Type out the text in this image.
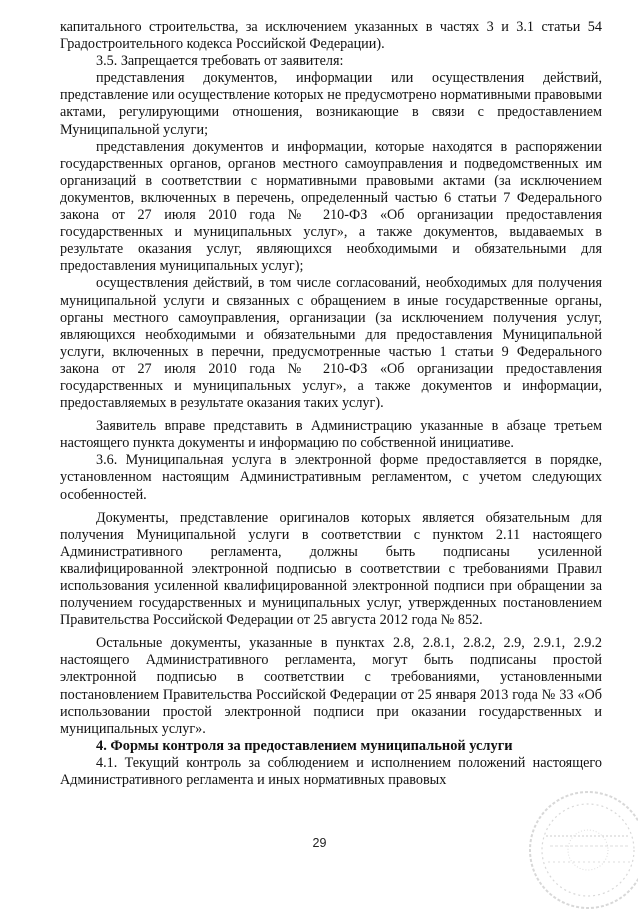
капитального строительства, за исключением указанных в частях 3 и 3.1 статьи 54 Градостроительного кодекса Российской Федерации).

3.5. Запрещается требовать от заявителя:

представления документов, информации или осуществления действий, представление или осуществление которых не предусмотрено нормативными правовыми актами, регулирующими отношения, возникающие в связи с предоставлением Муниципальной услуги;

представления документов и информации, которые находятся в распоряжении государственных органов, органов местного самоуправления и подведомственных им организаций в соответствии с нормативными правовыми актами (за исключением документов, включенных в перечень, определенный частью 6 статьи 7 Федерального закона от 27 июля 2010 года № 210-ФЗ «Об организации предоставления государственных и муниципальных услуг», а также документов, выдаваемых в результате оказания услуг, являющихся необходимыми и обязательными для предоставления муниципальных услуг);

осуществления действий, в том числе согласований, необходимых для получения муниципальной услуги и связанных с обращением в иные государственные органы, органы местного самоуправления, организации (за исключением получения услуг, являющихся необходимыми и обязательными для предоставления Муниципальной услуги, включенных в перечни, предусмотренные частью 1 статьи 9 Федерального закона от 27 июля 2010 года № 210-ФЗ «Об организации предоставления государственных и муниципальных услуг», а также документов и информации, предоставляемых в результате оказания таких услуг).

Заявитель вправе представить в Администрацию указанные в абзаце третьем настоящего пункта документы и информацию по собственной инициативе.

3.6. Муниципальная услуга в электронной форме предоставляется в порядке, установленном настоящим Административным регламентом, с учетом следующих особенностей.

Документы, представление оригиналов которых является обязательным для получения Муниципальной услуги в соответствии с пунктом 2.11 настоящего Административного регламента, должны быть подписаны усиленной квалифицированной электронной подписью в соответствии с требованиями Правил использования усиленной квалифицированной электронной подписи при обращении за получением государственных и муниципальных услуг, утвержденных постановлением Правительства Российской Федерации от 25 августа 2012 года № 852.

Остальные документы, указанные в пунктах 2.8, 2.8.1, 2.8.2, 2.9, 2.9.1, 2.9.2 настоящего Административного регламента, могут быть подписаны простой электронной подписью в соответствии с требованиями, установленными постановлением Правительства Российской Федерации от 25 января 2013 года № 33 «Об использовании простой электронной подписи при оказании государственных и муниципальных услуг».

4. Формы контроля за предоставлением муниципальной услуги

4.1. Текущий контроль за соблюдением и исполнением положений настоящего Административного регламента и иных нормативных правовых

29
